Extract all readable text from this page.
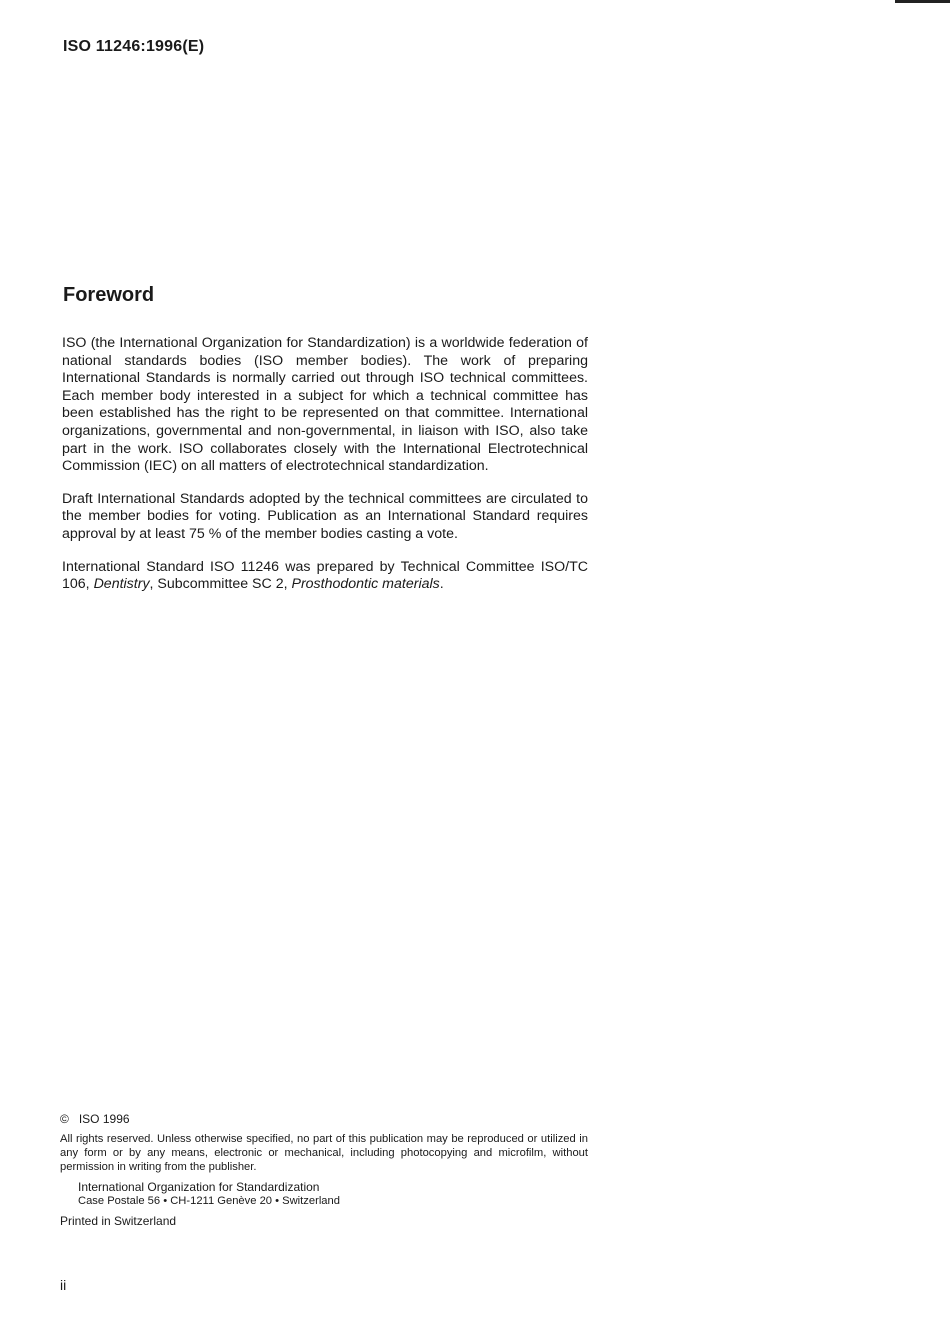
ISO 11246:1996(E)
Foreword

ISO (the International Organization for Standardization) is a worldwide federation of national standards bodies (ISO member bodies). The work of preparing International Standards is normally carried out through ISO technical committees. Each member body interested in a subject for which a technical committee has been established has the right to be represented on that committee. International organizations, governmental and non-governmental, in liaison with ISO, also take part in the work. ISO collaborates closely with the International Electrotechnical Commission (IEC) on all matters of electrotechnical standardization.

Draft International Standards adopted by the technical committees are circulated to the member bodies for voting. Publication as an International Standard requires approval by at least 75 % of the member bodies casting a vote.

International Standard ISO 11246 was prepared by Technical Committee ISO/TC 106, Dentistry, Subcommittee SC 2, Prosthodontic materials.

© ISO 1996

All rights reserved. Unless otherwise specified, no part of this publication may be reproduced or utilized in any form or by any means, electronic or mechanical, including photocopying and microfilm, without permission in writing from the publisher.

International Organization for Standardization
Case Postale 56 • CH-1211 Genève 20 • Switzerland

Printed in Switzerland

ii
